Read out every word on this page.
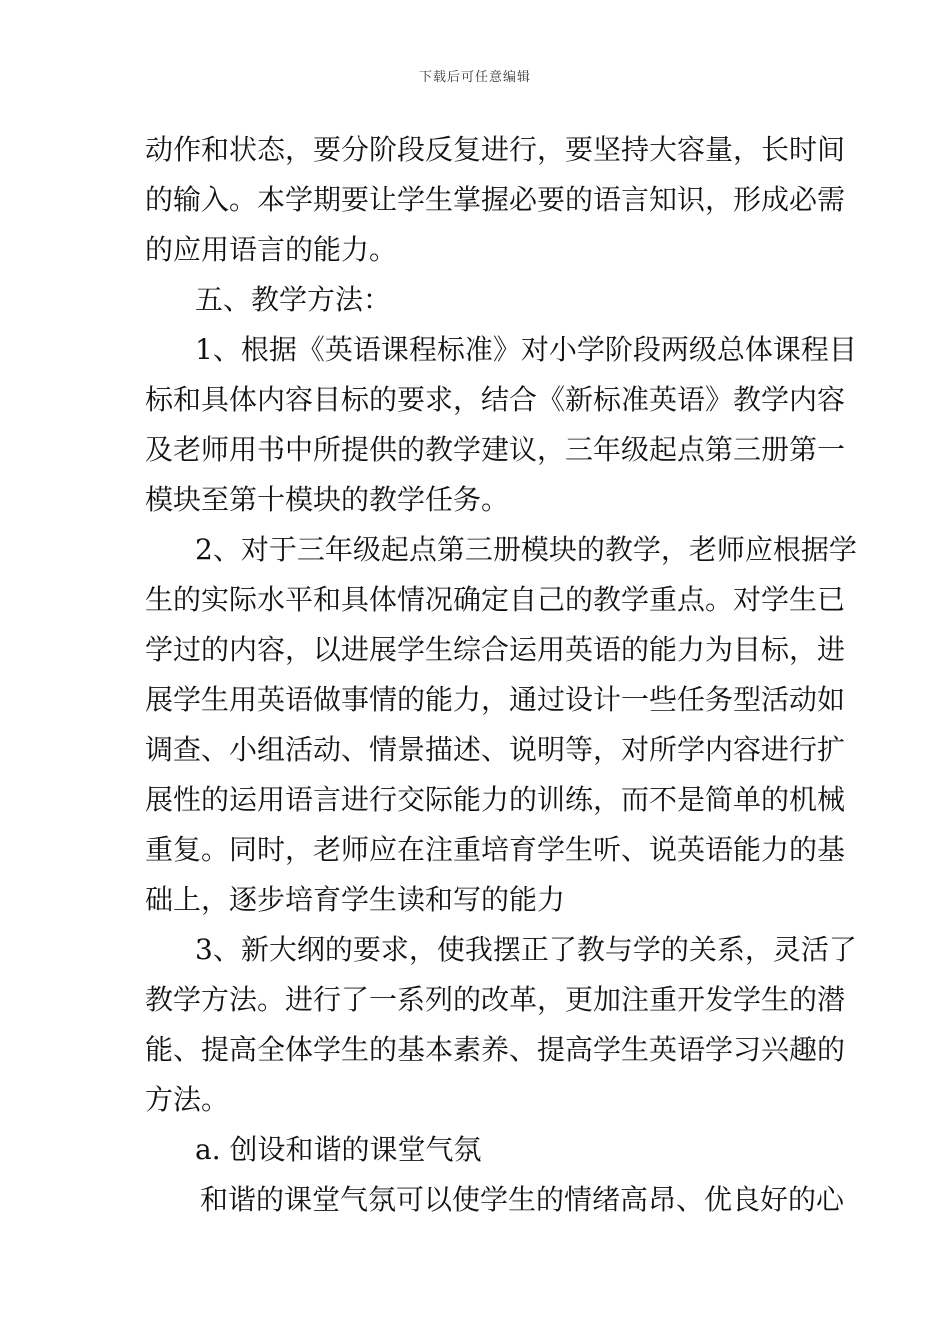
下载后可任意编辑
动作和状态，要分阶段反复进行，要坚持大容量，长时间
的输入。本学期要让学生掌握必要的语言知识，形成必需
的应用语言的能力。
五、教学方法：
1、根据《英语课程标准》对小学阶段两级总体课程目
标和具体内容目标的要求，结合《新标准英语》教学内容
及老师用书中所提供的教学建议，三年级起点第三册第一
模块至第十模块的教学任务。
2、对于三年级起点第三册模块的教学，老师应根据学
生的实际水平和具体情况确定自己的教学重点。对学生已
学过的内容，以进展学生综合运用英语的能力为目标，进
展学生用英语做事情的能力，通过设计一些任务型活动如
调查、小组活动、情景描述、说明等，对所学内容进行扩
展性的运用语言进行交际能力的训练，而不是简单的机械
重复。同时，老师应在注重培育学生听、说英语能力的基
础上，逐步培育学生读和写的能力
3、新大纲的要求，使我摆正了教与学的关系，灵活了
教学方法。进行了一系列的改革，更加注重开发学生的潜
能、提高全体学生的基本素养、提高学生英语学习兴趣的
方法。
a. 创设和谐的课堂气氛
和谐的课堂气氛可以使学生的情绪高昂、优良好的心
